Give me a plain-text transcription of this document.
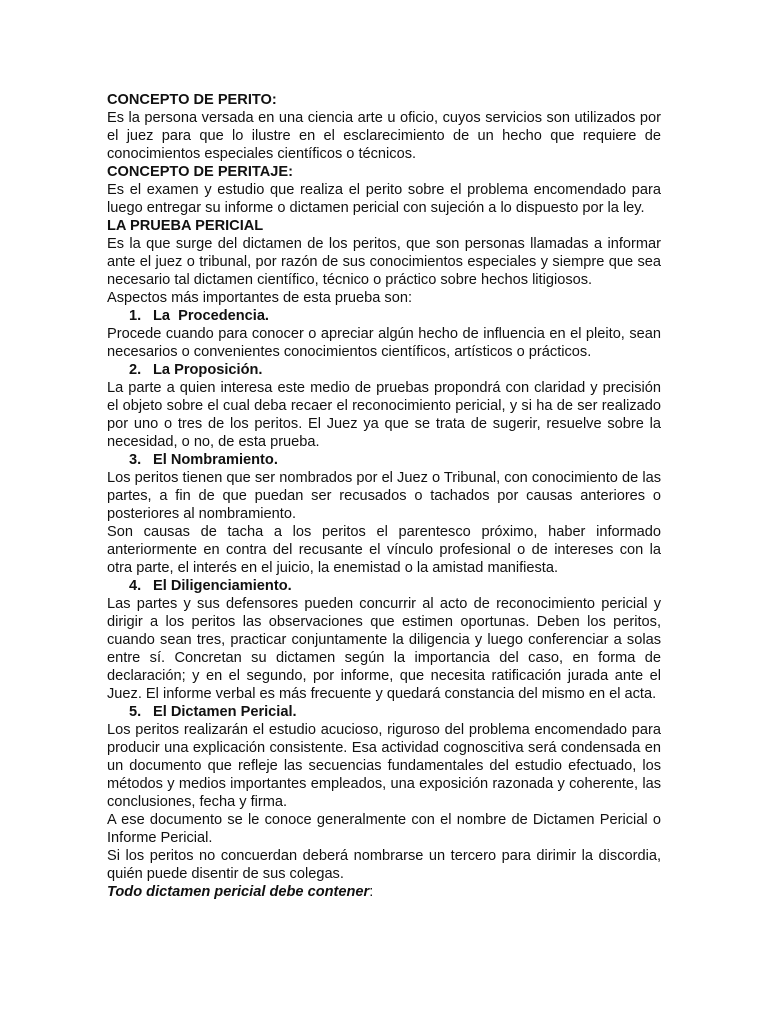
CONCEPTO DE PERITO:

Es la persona versada en una ciencia arte u oficio, cuyos servicios son utilizados por el juez para que lo ilustre en el esclarecimiento de un hecho que requiere de conocimientos especiales científicos o técnicos.

CONCEPTO DE PERITAJE:

Es el examen y estudio que realiza el perito sobre el problema encomendado para luego entregar su informe o dictamen pericial con sujeción a lo dispuesto por la ley.

LA PRUEBA PERICIAL

Es la que surge del dictamen de los peritos, que son personas llamadas a informar ante el juez o tribunal, por razón de sus conocimientos especiales y siempre que sea necesario tal dictamen científico, técnico o práctico sobre hechos litigiosos.

Aspectos más importantes de esta prueba son:

1. La  Procedencia.

Procede cuando para conocer o apreciar algún hecho de influencia en el pleito, sean necesarios o convenientes conocimientos científicos, artísticos o prácticos.

2. La Proposición.

La parte a quien interesa este medio de pruebas propondrá con claridad y precisión el objeto sobre el cual deba recaer el reconocimiento pericial, y si ha de ser realizado por uno o tres de los peritos. El Juez ya que se trata de sugerir, resuelve sobre la necesidad, o no, de esta prueba.

3. El Nombramiento.

Los peritos tienen que ser nombrados por el Juez o Tribunal, con conocimiento de las partes, a fin de que puedan ser recusados o tachados por causas anteriores o posteriores al nombramiento.

Son causas de tacha a los peritos el parentesco próximo, haber informado anteriormente en contra del recusante el vínculo profesional o de intereses con la otra parte, el interés en el juicio, la enemistad o la amistad manifiesta.

4. El Diligenciamiento.

Las partes y sus defensores pueden concurrir al acto de reconocimiento pericial y dirigir a los peritos las observaciones que estimen oportunas. Deben los peritos, cuando sean tres, practicar conjuntamente la diligencia y luego conferenciar a solas entre sí. Concretan su dictamen según la importancia del caso, en forma de declaración; y en el segundo, por informe, que necesita ratificación jurada ante el Juez. El informe verbal es más frecuente y quedará constancia del mismo en el acta.

5. El Dictamen Pericial.

Los peritos realizarán el estudio acucioso, riguroso del problema encomendado para producir una explicación consistente. Esa actividad cognoscitiva será condensada en un documento que refleje las secuencias fundamentales del estudio efectuado, los métodos y medios importantes empleados, una exposición razonada y coherente, las conclusiones, fecha y firma.

A ese documento se le conoce generalmente con el nombre de Dictamen Pericial o Informe Pericial.

Si los peritos no concuerdan deberá nombrarse un tercero para dirimir la discordia, quién puede disentir de sus colegas.

Todo dictamen pericial debe contener:
